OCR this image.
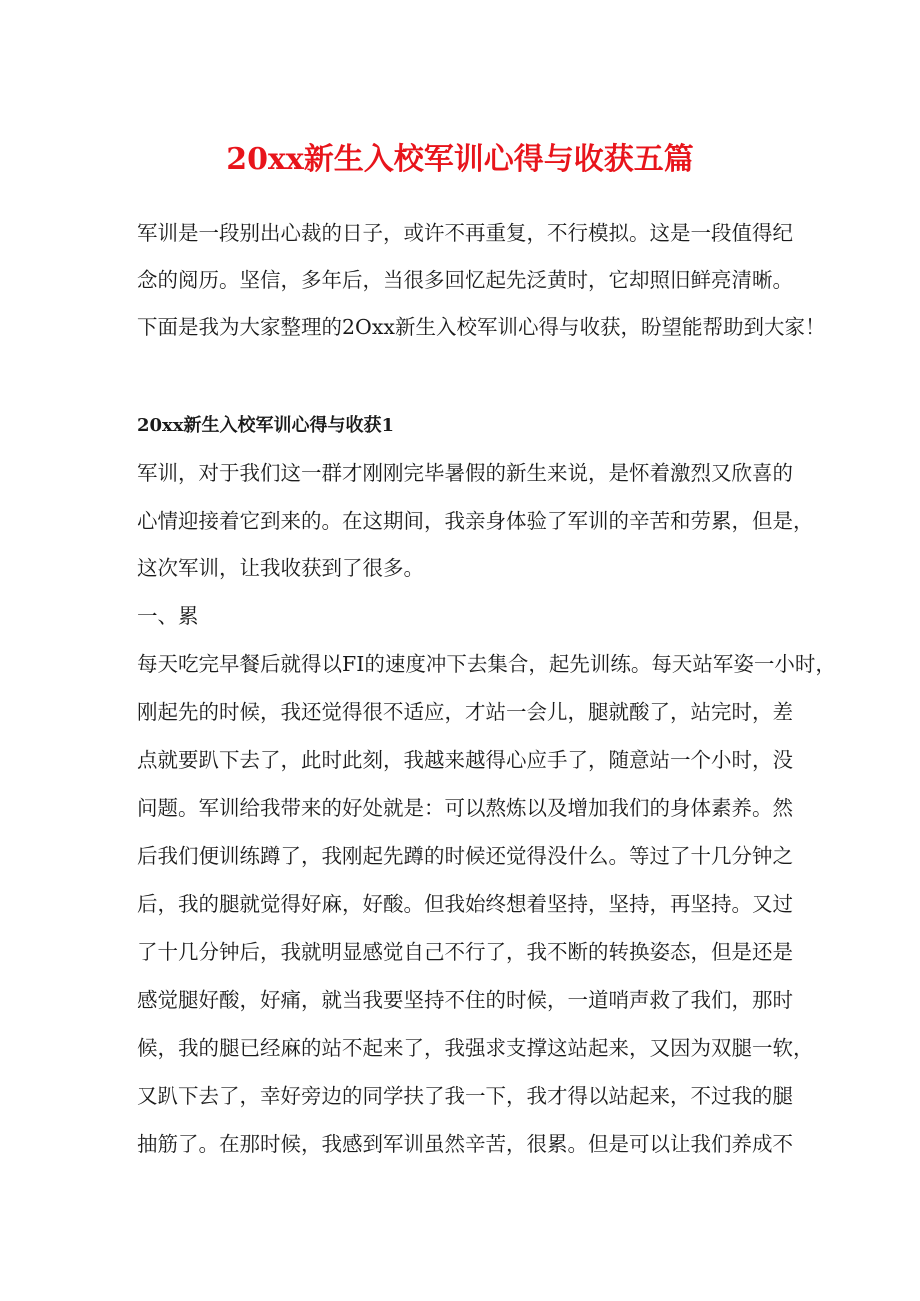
20xx新生入校军训心得与收获五篇
军训是一段别出心裁的日子，或许不再重复，不行模拟。这是一段值得纪
念的阅历。坚信，多年后，当很多回忆起先泛黄时，它却照旧鲜亮清晰。
下面是我为大家整理的2Oxx新生入校军训心得与收获，盼望能帮助到大家！
20xx新生入校军训心得与收获1
军训，对于我们这一群才刚刚完毕暑假的新生来说，是怀着激烈又欣喜的
心情迎接着它到来的。在这期间，我亲身体验了军训的辛苦和劳累，但是，
这次军训，让我收获到了很多。
一、累
每天吃完早餐后就得以FI的速度冲下去集合，起先训练。每天站军姿一小时，
刚起先的时候，我还觉得很不适应，才站一会儿，腿就酸了，站完时，差
点就要趴下去了，此时此刻，我越来越得心应手了，随意站一个小时，没
问题。军训给我带来的好处就是：可以熬炼以及增加我们的身体素养。然
后我们便训练蹲了，我刚起先蹲的时候还觉得没什么。等过了十几分钟之
后，我的腿就觉得好麻，好酸。但我始终想着坚持，坚持，再坚持。又过
了十几分钟后，我就明显感觉自己不行了，我不断的转换姿态，但是还是
感觉腿好酸，好痛，就当我要坚持不住的时候，一道哨声救了我们，那时
候，我的腿已经麻的站不起来了，我强求支撑这站起来，又因为双腿一软，
又趴下去了，幸好旁边的同学扶了我一下，我才得以站起来，不过我的腿
抽筋了。在那时候，我感到军训虽然辛苦，很累。但是可以让我们养成不
